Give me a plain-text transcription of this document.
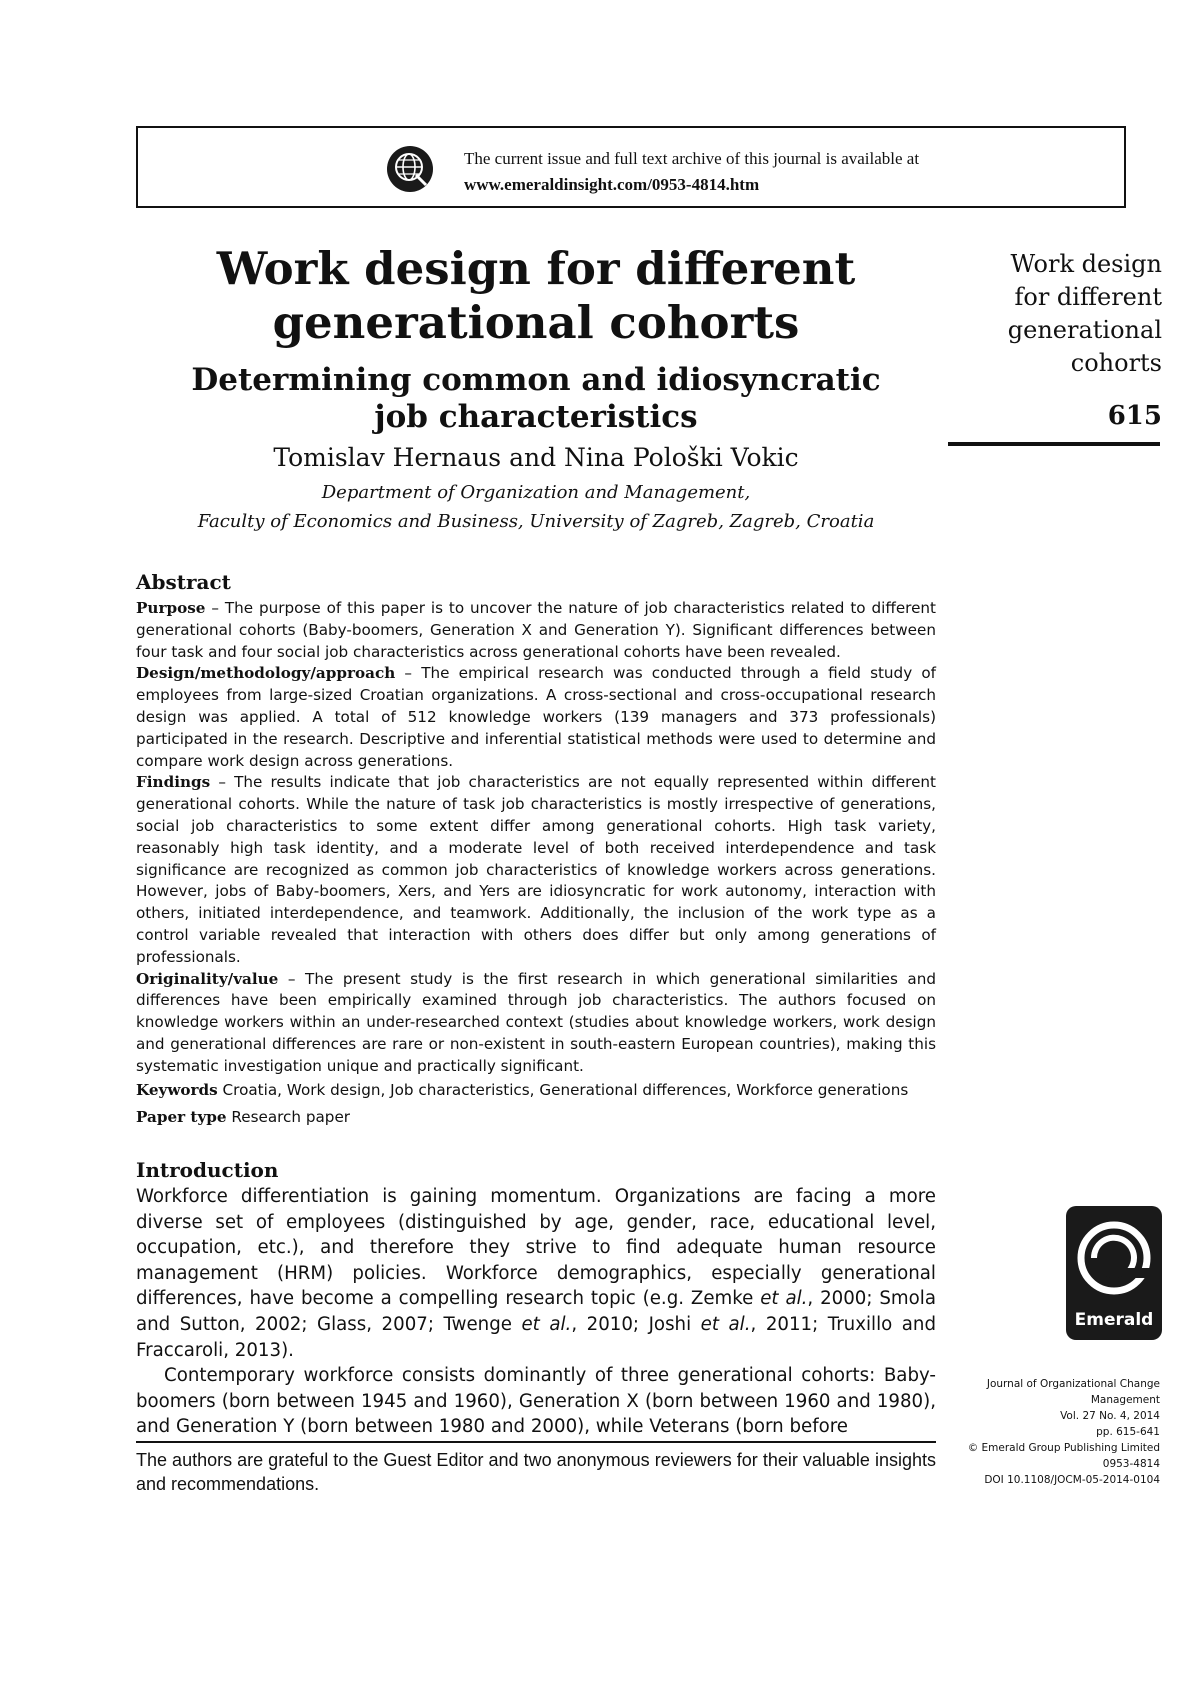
The current issue and full text archive of this journal is available at
www.emeraldinsight.com/0953-4814.htm
Work design for different
generational cohorts
Determining common and idiosyncratic
job characteristics
Tomislav Hernaus and Nina Pološki Vokic
Department of Organization and Management,
Faculty of Economics and Business, University of Zagreb, Zagreb, Croatia
Work design
for different
generational
cohorts
615
Abstract

Purpose – The purpose of this paper is to uncover the nature of job characteristics related to different generational cohorts (Baby-boomers, Generation X and Generation Y). Significant differences between four task and four social job characteristics across generational cohorts have been revealed.

Design/methodology/approach – The empirical research was conducted through a field study of employees from large-sized Croatian organizations. A cross-sectional and cross-occupational research design was applied. A total of 512 knowledge workers (139 managers and 373 professionals) participated in the research. Descriptive and inferential statistical methods were used to determine and compare work design across generations.

Findings – The results indicate that job characteristics are not equally represented within different generational cohorts. While the nature of task job characteristics is mostly irrespective of generations, social job characteristics to some extent differ among generational cohorts. High task variety, reasonably high task identity, and a moderate level of both received interdependence and task significance are recognized as common job characteristics of knowledge workers across generations. However, jobs of Baby-boomers, Xers, and Yers are idiosyncratic for work autonomy, interaction with others, initiated interdependence, and teamwork. Additionally, the inclusion of the work type as a control variable revealed that interaction with others does differ but only among generations of professionals.

Originality/value – The present study is the first research in which generational similarities and differences have been empirically examined through job characteristics. The authors focused on knowledge workers within an under-researched context (studies about knowledge workers, work design and generational differences are rare or non-existent in south-eastern European countries), making this systematic investigation unique and practically significant.

Keywords Croatia, Work design, Job characteristics, Generational differences, Workforce generations

Paper type Research paper

Introduction

Workforce differentiation is gaining momentum. Organizations are facing a more diverse set of employees (distinguished by age, gender, race, educational level, occupation, etc.), and therefore they strive to find adequate human resource management (HRM) policies. Workforce demographics, especially generational differences, have become a compelling research topic (e.g. Zemke et al., 2000; Smola and Sutton, 2002; Glass, 2007; Twenge et al., 2010; Joshi et al., 2011; Truxillo and Fraccaroli, 2013).

Contemporary workforce consists dominantly of three generational cohorts: Baby-boomers (born between 1945 and 1960), Generation X (born between 1960 and 1980), and Generation Y (born between 1980 and 2000), while Veterans (born before

The authors are grateful to the Guest Editor and two anonymous reviewers for their valuable insights and recommendations.
Emerald
Journal of Organizational Change
Management
Vol. 27 No. 4, 2014
pp. 615-641
© Emerald Group Publishing Limited
0953-4814
DOI 10.1108/JOCM-05-2014-0104
